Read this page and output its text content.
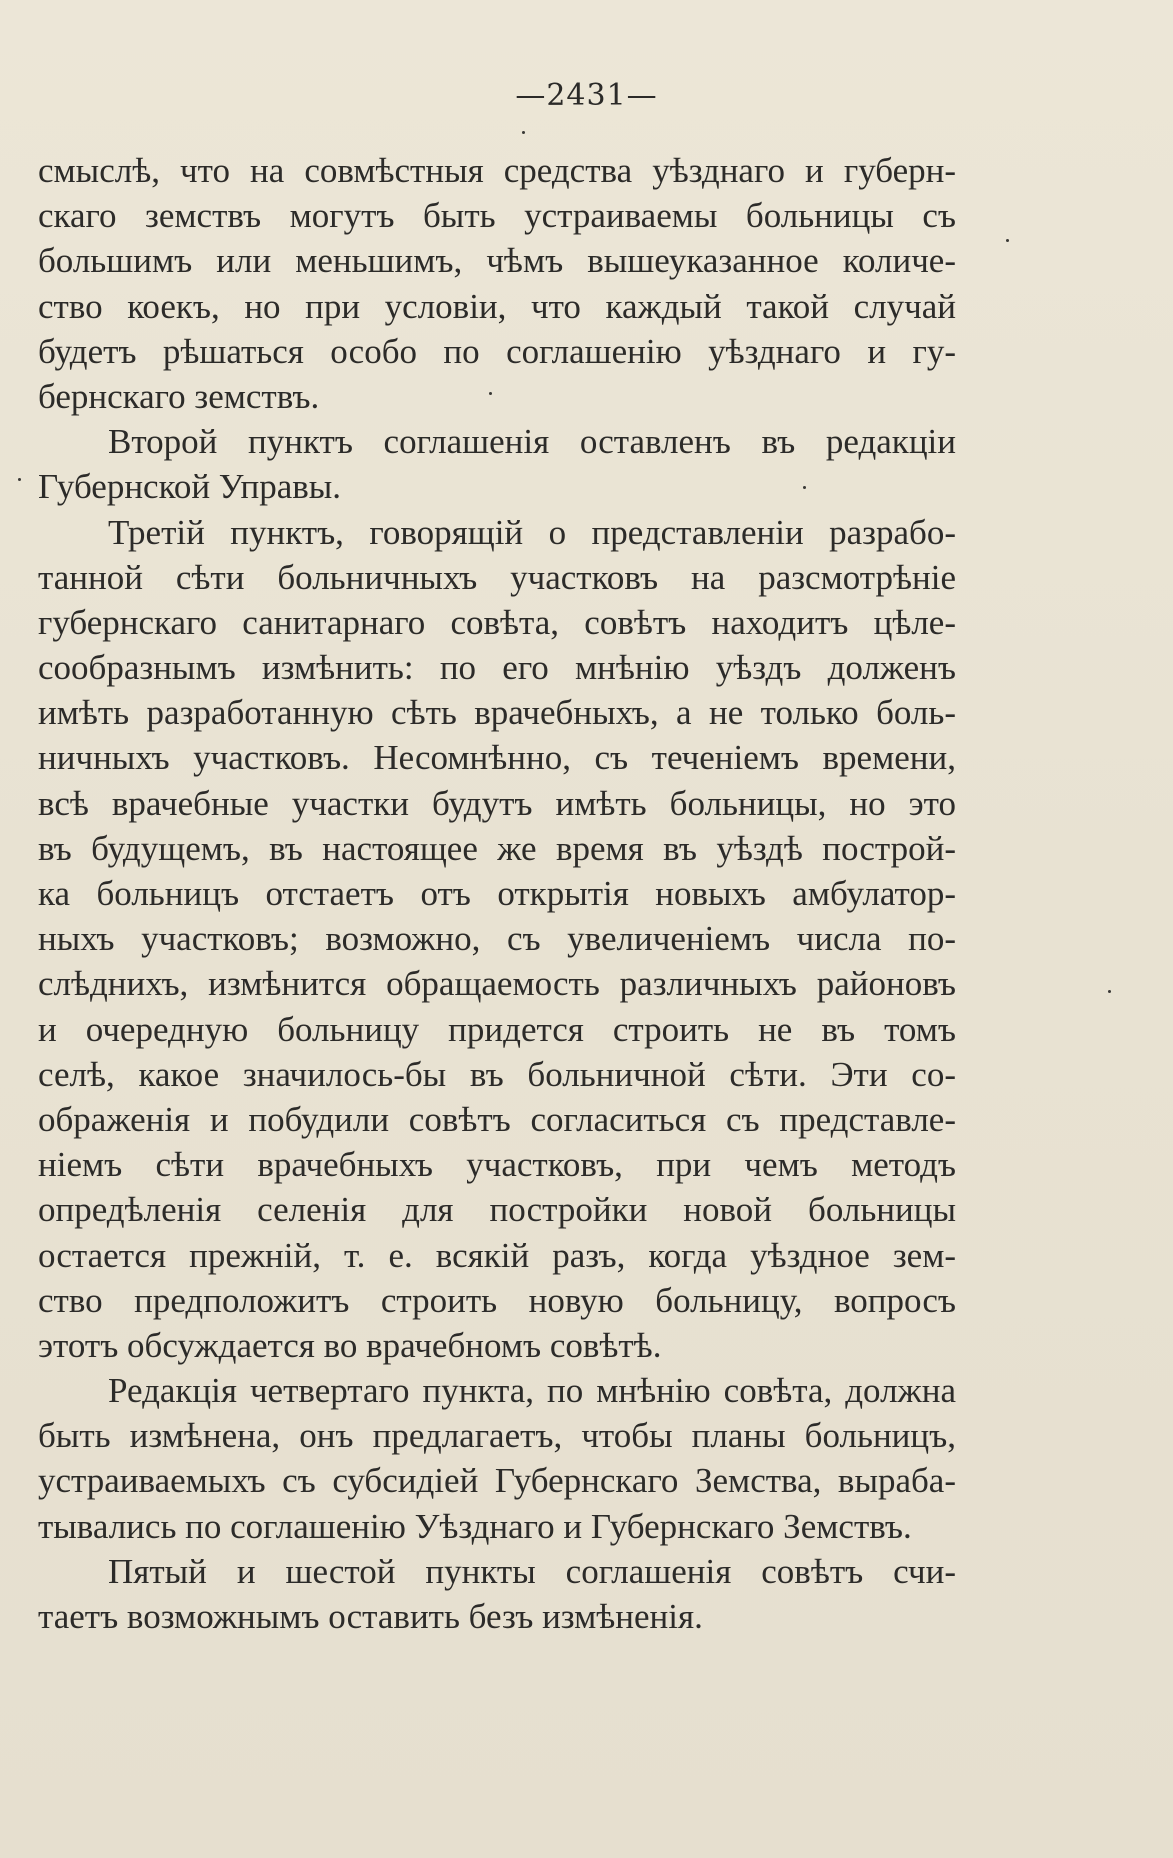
—2431—
смыслѣ, что на совмѣстныя средства уѣзднаго и губерн-
скаго земствъ могутъ быть устраиваемы больницы съ
большимъ или меньшимъ, чѣмъ вышеуказанное количе-
ство коекъ, но при условіи, что каждый такой случай
будетъ рѣшаться особо по соглашенію уѣзднаго и гу-
бернскаго земствъ.
Второй пунктъ соглашенія оставленъ въ редакціи
Губернской Управы.
Третій пунктъ, говорящій о представленіи разрабо-
танной сѣти больничныхъ участковъ на разсмотрѣніе
губернскаго санитарнаго совѣта, совѣтъ находитъ цѣле-
сообразнымъ измѣнить: по его мнѣнію уѣздъ долженъ
имѣть разработанную сѣть врачебныхъ, а не только боль-
ничныхъ участковъ. Несомнѣнно, съ теченіемъ времени,
всѣ врачебные участки будутъ имѣть больницы, но это
въ будущемъ, въ настоящее же время въ уѣздѣ построй-
ка больницъ отстаетъ отъ открытія новыхъ амбулатор-
ныхъ участковъ; возможно, съ увеличеніемъ числа по-
слѣднихъ, измѣнится обращаемость различныхъ районовъ
и очередную больницу придется строить не въ томъ
селѣ, какое значилось-бы въ больничной сѣти. Эти со-
ображенія и побудили совѣтъ согласиться съ представле-
ніемъ сѣти врачебныхъ участковъ, при чемъ методъ
опредѣленія селенія для постройки новой больницы
остается прежній, т. е. всякій разъ, когда уѣздное зем-
ство предположитъ строить новую больницу, вопросъ
этотъ обсуждается во врачебномъ совѣтѣ.
Редакція четвертаго пункта, по мнѣнію совѣта, должна
быть измѣнена, онъ предлагаетъ, чтобы планы больницъ,
устраиваемыхъ съ субсидіей Губернскаго Земства, выраба-
тывались по соглашенію Уѣзднаго и Губернскаго Земствъ.
Пятый и шестой пункты соглашенія совѣтъ счи-
таетъ возможнымъ оставить безъ измѣненія.
